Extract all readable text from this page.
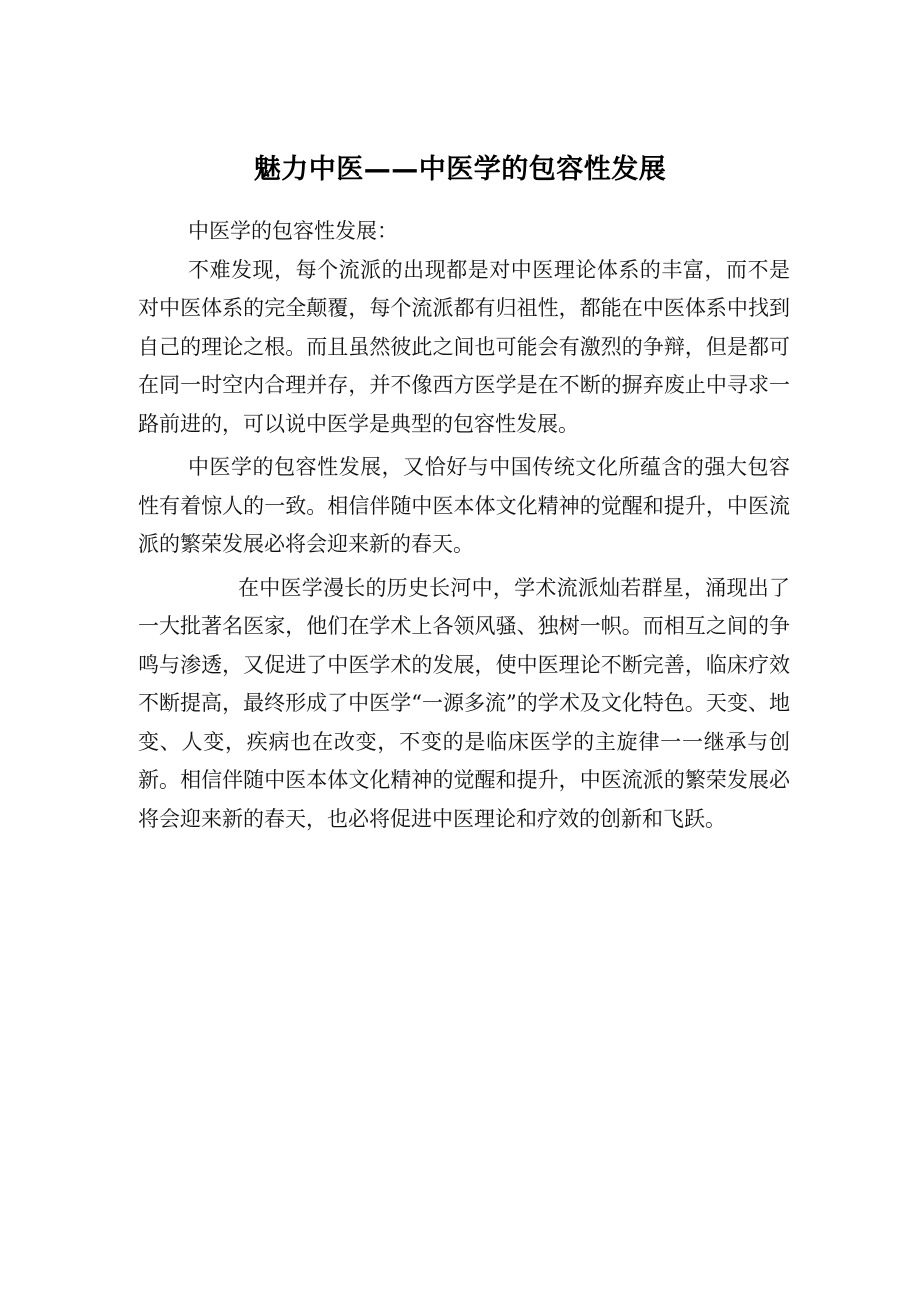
魅力中医——中医学的包容性发展

中医学的包容性发展：

不难发现，每个流派的出现都是对中医理论体系的丰富，而不是对中医体系的完全颠覆，每个流派都有归祖性，都能在中医体系中找到自己的理论之根。而且虽然彼此之间也可能会有激烈的争辩，但是都可在同一时空内合理并存，并不像西方医学是在不断的摒弃废止中寻求一路前进的，可以说中医学是典型的包容性发展。

中医学的包容性发展，又恰好与中国传统文化所蕴含的强大包容性有着惊人的一致。相信伴随中医本体文化精神的觉醒和提升，中医流派的繁荣发展必将会迎来新的春天。

在中医学漫长的历史长河中，学术流派灿若群星，涌现出了一大批著名医家，他们在学术上各领风骚、独树一帜。而相互之间的争鸣与渗透，又促进了中医学术的发展，使中医理论不断完善，临床疗效不断提高，最终形成了中医学“一源多流”的学术及文化特色。天变、地变、人变，疾病也在改变，不变的是临床医学的主旋律一一继承与创新。相信伴随中医本体文化精神的觉醒和提升，中医流派的繁荣发展必将会迎来新的春天，也必将促进中医理论和疗效的创新和飞跃。
